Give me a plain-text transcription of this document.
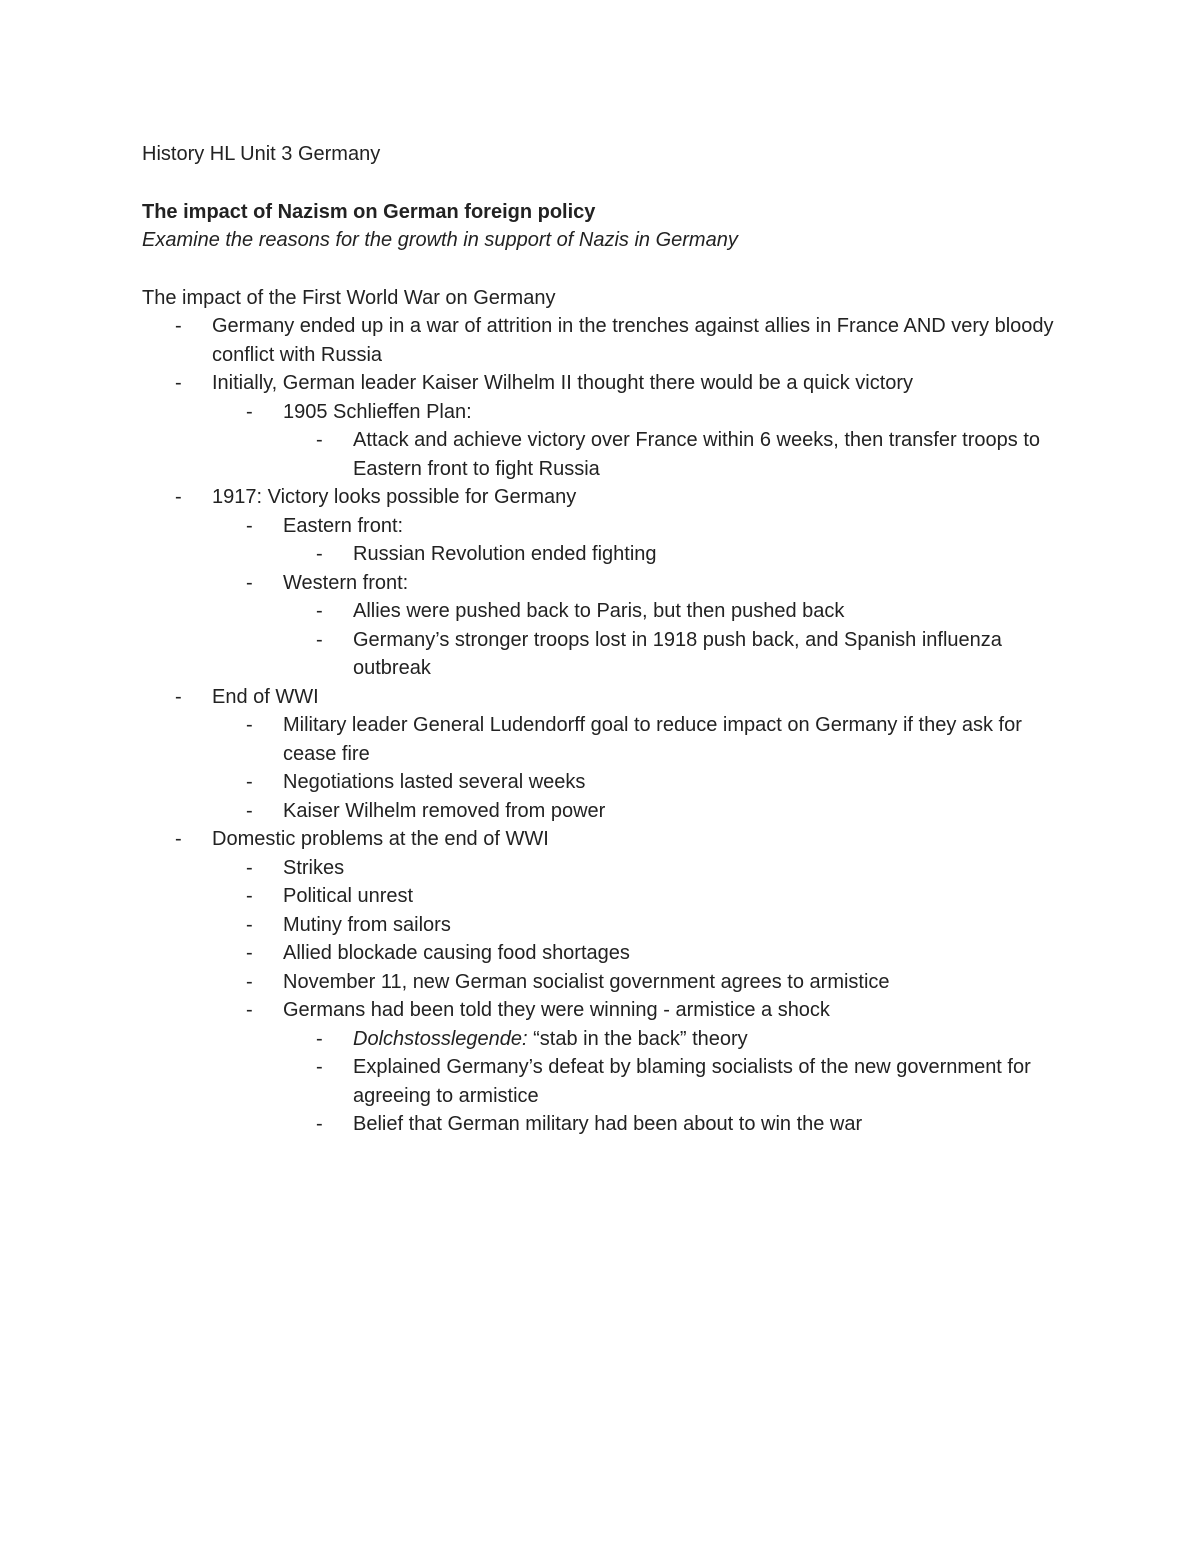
History HL Unit 3 Germany
The impact of Nazism on German foreign policy

Examine the reasons for the growth in support of Nazis in Germany

The impact of the First World War on Germany

- Germany ended up in a war of attrition in the trenches against allies in France AND very bloody conflict with Russia
- Initially, German leader Kaiser Wilhelm II thought there would be a quick victory
- 1905 Schlieffen Plan:
- Attack and achieve victory over France within 6 weeks, then transfer troops to Eastern front to fight Russia
- 1917: Victory looks possible for Germany
- Eastern front:
- Russian Revolution ended fighting
- Western front:
- Allies were pushed back to Paris, but then pushed back
- Germany’s stronger troops lost in 1918 push back, and Spanish influenza outbreak
- End of WWI
- Military leader General Ludendorff goal to reduce impact on Germany if they ask for cease fire
- Negotiations lasted several weeks
- Kaiser Wilhelm removed from power
- Domestic problems at the end of WWI
- Strikes
- Political unrest
- Mutiny from sailors
- Allied blockade causing food shortages
- November 11, new German socialist government agrees to armistice
- Germans had been told they were winning - armistice a shock
- Dolchstosslegende: “stab in the back” theory
- Explained Germany’s defeat by blaming socialists of the new government for agreeing to armistice
- Belief that German military had been about to win the war
